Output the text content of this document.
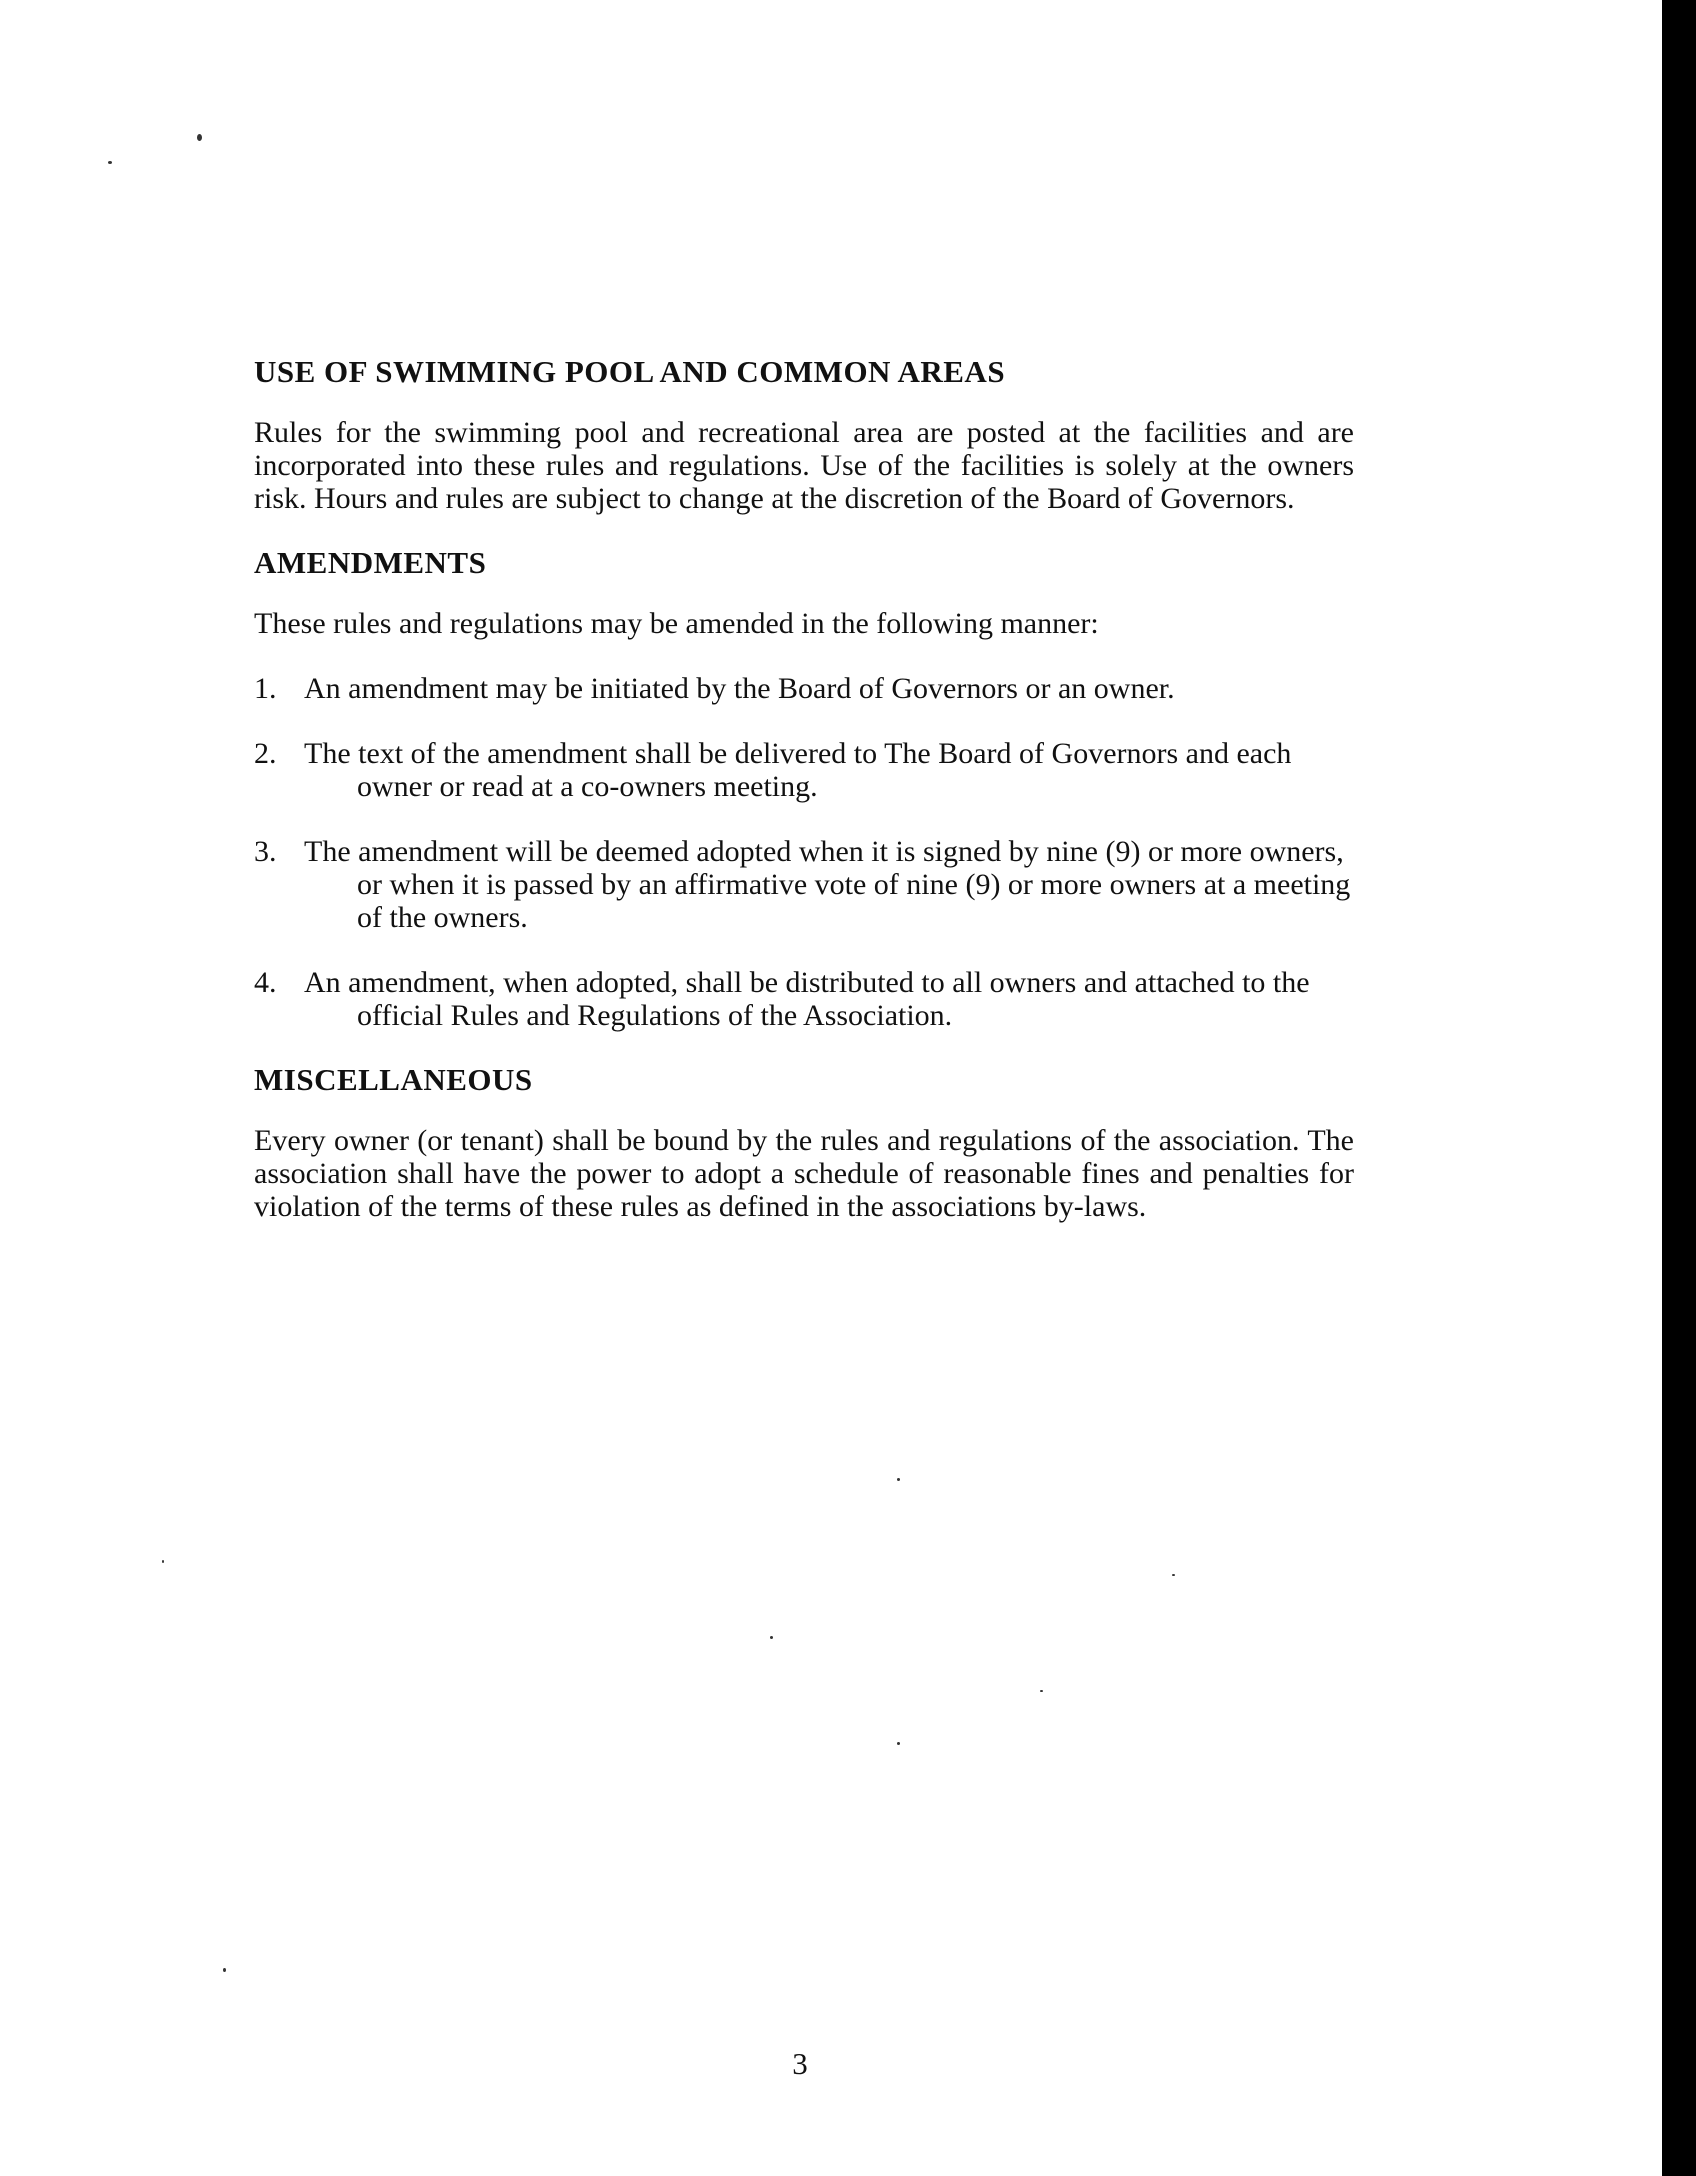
USE OF SWIMMING POOL AND COMMON AREAS

Rules for the swimming pool and recreational area are posted at the facilities and are incorporated into these rules and regulations. Use of the facilities is solely at the owners risk. Hours and rules are subject to change at the discretion of the Board of Governors.

AMENDMENTS

These rules and regulations may be amended in the following manner:

1. An amendment may be initiated by the Board of Governors or an owner.
2. The text of the amendment shall be delivered to The Board of Governors and each owner or read at a co-owners meeting.
3. The amendment will be deemed adopted when it is signed by nine (9) or more owners, or when it is passed by an affirmative vote of nine (9) or more owners at a meeting of the owners.
4. An amendment, when adopted, shall be distributed to all owners and attached to the official Rules and Regulations of the Association.
MISCELLANEOUS

Every owner (or tenant) shall be bound by the rules and regulations of the association. The association shall have the power to adopt a schedule of reasonable fines and penalties for violation of the terms of these rules as defined in the associations by-laws.

3
